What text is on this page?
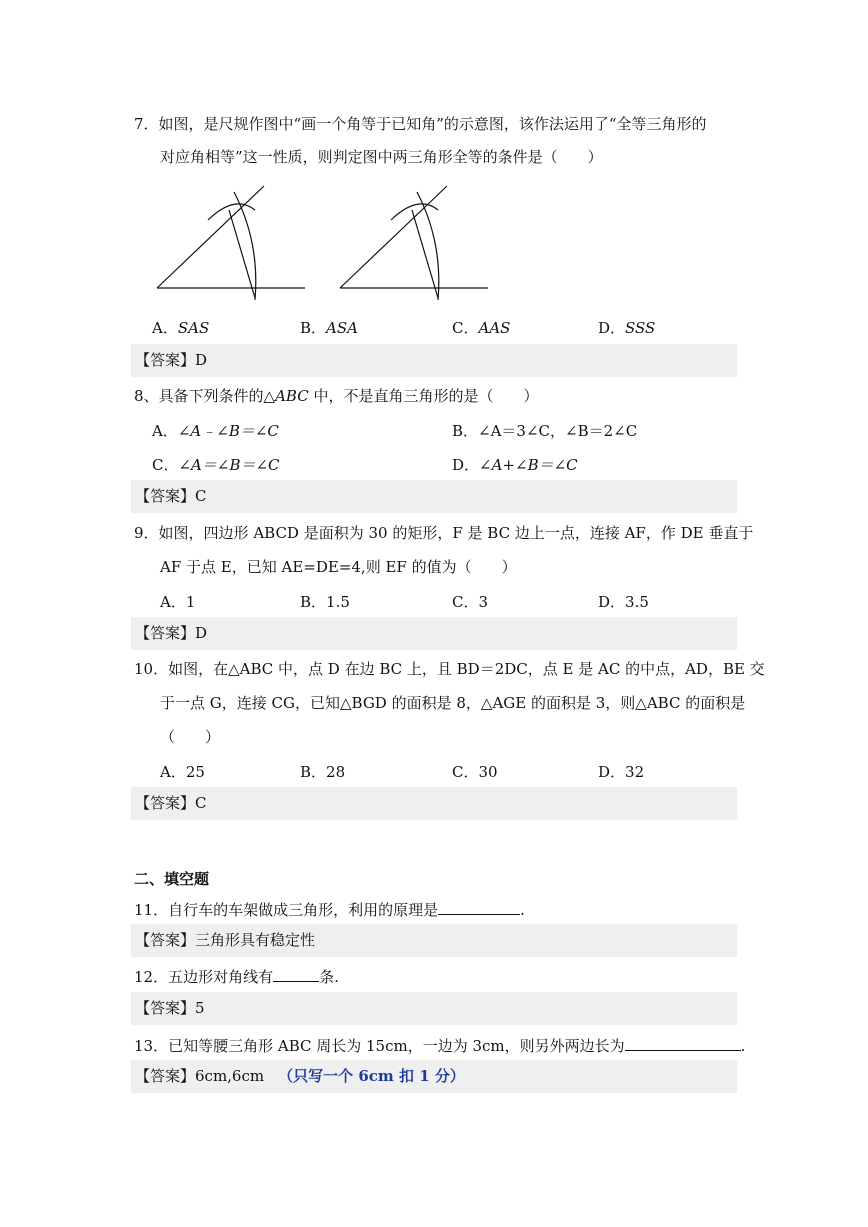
7．如图，是尺规作图中“画一个角等于已知角”的示意图，该作法运用了“全等三角形的
对应角相等”这一性质，则判定图中两三角形全等的条件是（　　）
A．SAS	B．ASA	C．AAS	D．SSS
【答案】D
8、具备下列条件的△ABC 中，不是直角三角形的是（　　）
A．∠A﹣∠B＝∠C	B．∠A＝3∠C，∠B＝2∠C
C．∠A＝∠B＝∠C	D．∠A+∠B＝∠C
【答案】C
9．如图，四边形 ABCD 是面积为 30 的矩形，F 是 BC 边上一点，连接 AF，作 DE 垂直于
AF 于点 E，已知 AE=DE=4,则 EF 的值为（　　）
A．1	B．1.5	C．3	D．3.5
【答案】D
10．如图，在△ABC 中，点 D 在边 BC 上，且 BD＝2DC，点 E 是 AC 的中点，AD，BE 交
于一点 G，连接 CG，已知△BGD 的面积是 8，△AGE 的面积是 3，则△ABC 的面积是
（　　）
A．25	B．28	C．30	D．32
【答案】C
二、填空题
11．自行车的车架做成三角形，利用的原理是	.
【答案】三角形具有稳定性
12．五边形对角线有	条.
【答案】5
13．已知等腰三角形 ABC 周长为 15cm，一边为 3cm，则另外两边长为	.
【答案】6cm,6cm （只写一个 6cm 扣 1 分）
